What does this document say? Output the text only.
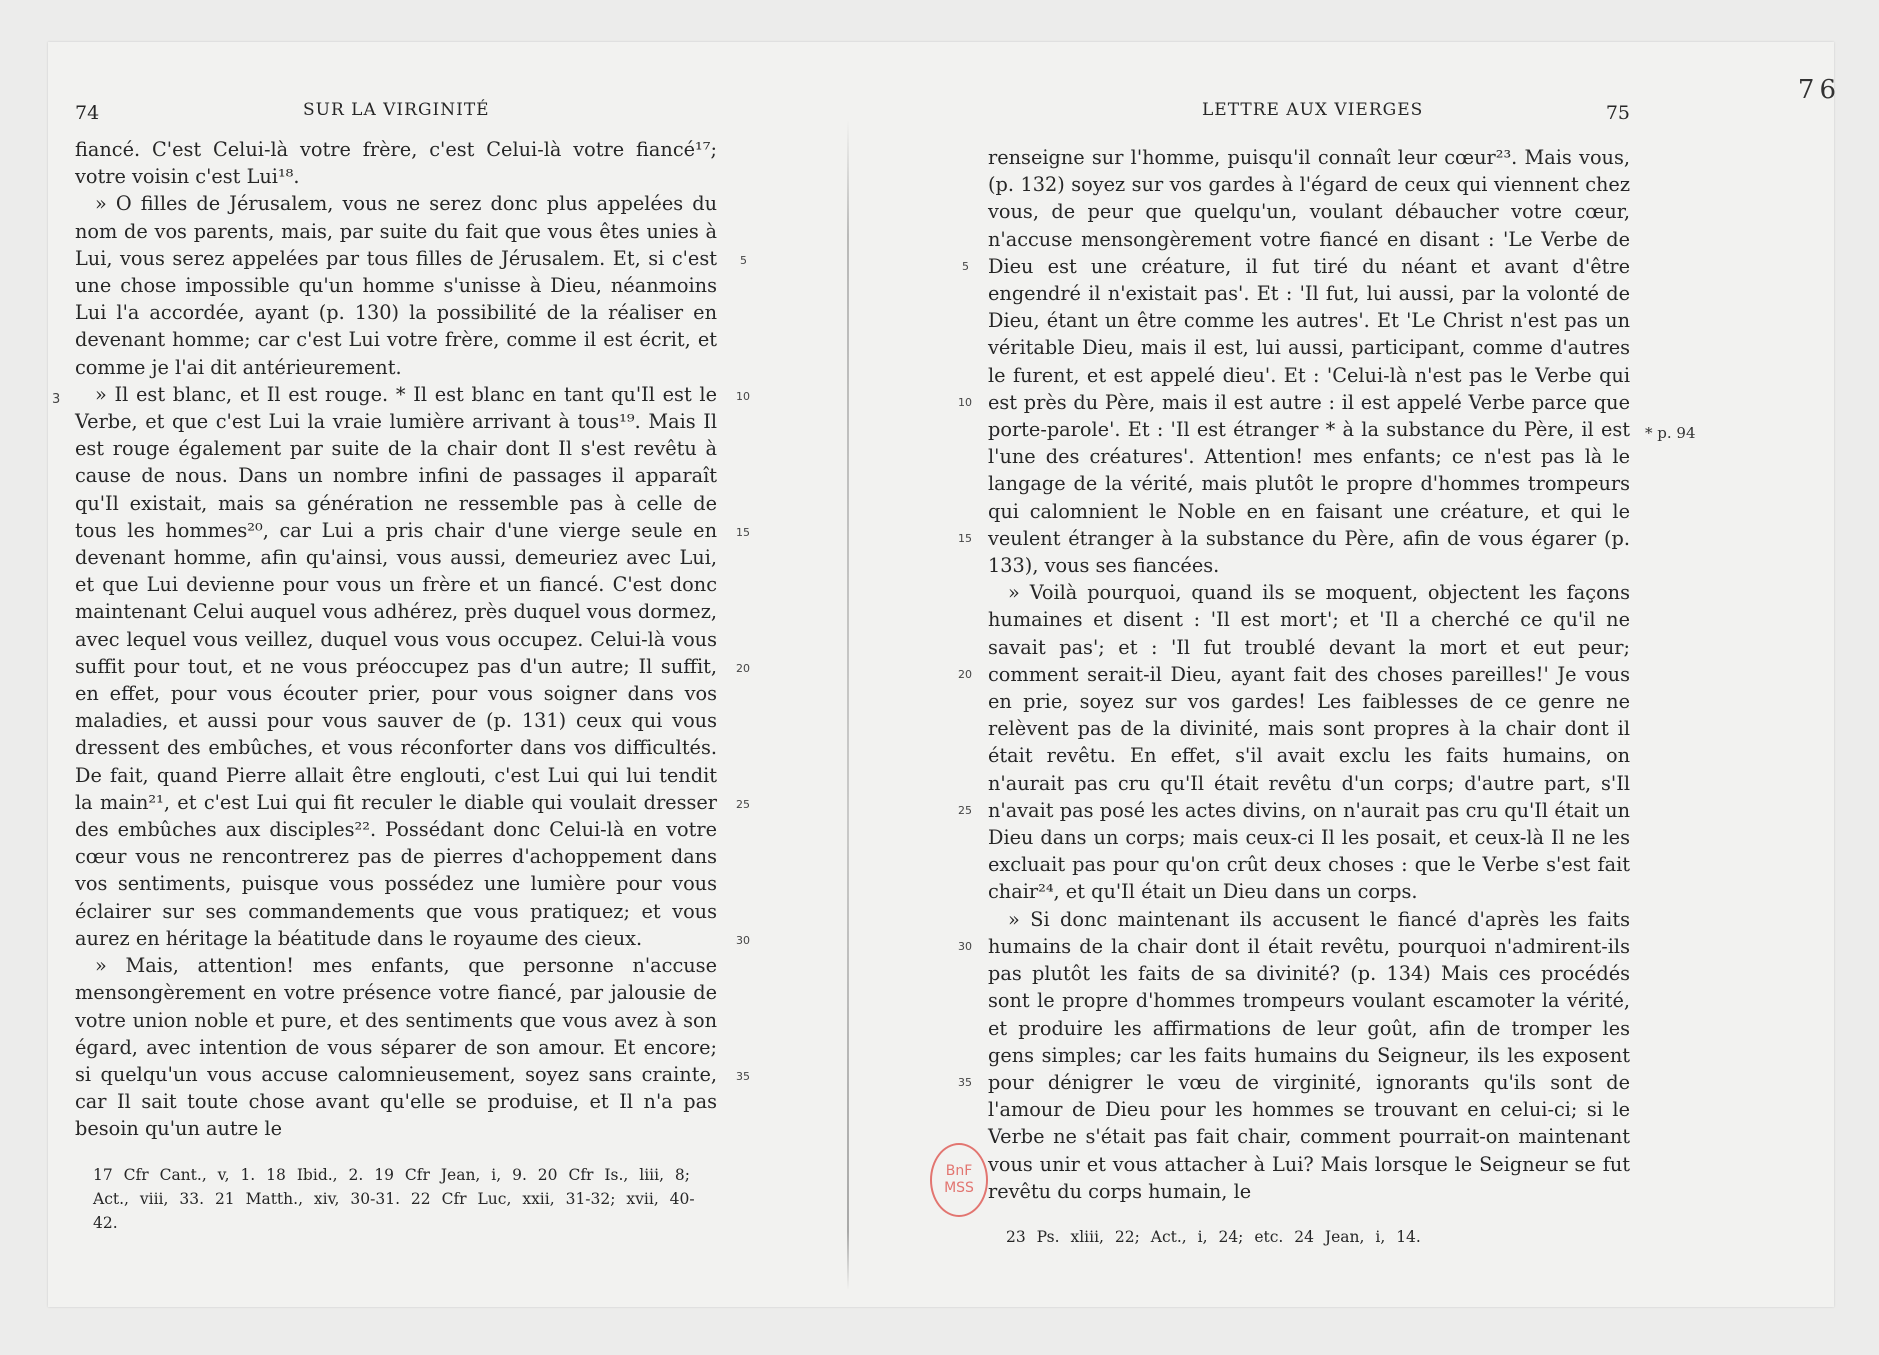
76
74	SUR LA VIRGINITÉ

fiancé. C'est Celui-là votre frère, c'est Celui-là votre fiancé¹⁷; votre voisin c'est Lui¹⁸.

» O filles de Jérusalem, vous ne serez donc plus appelées du nom de vos parents, mais, par suite du fait que vous êtes unies à Lui, vous serez appelées par tous filles de Jérusalem. Et, si c'est une chose impossible qu'un homme s'unisse à Dieu, néanmoins Lui l'a accordée, ayant (p. 130) la possibilité de la réaliser en devenant homme; car c'est Lui votre frère, comme il est écrit, et comme je l'ai dit antérieurement.

» Il est blanc, et Il est rouge. * Il est blanc en tant qu'Il est le Verbe, et que c'est Lui la vraie lumière arrivant à tous¹⁹. Mais Il est rouge également par suite de la chair dont Il s'est revêtu à cause de nous. Dans un nombre infini de passages il apparaît qu'Il existait, mais sa génération ne ressemble pas à celle de tous les hommes²⁰, car Lui a pris chair d'une vierge seule en devenant homme, afin qu'ainsi, vous aussi, demeuriez avec Lui, et que Lui devienne pour vous un frère et un fiancé. C'est donc maintenant Celui auquel vous adhérez, près duquel vous dormez, avec lequel vous veillez, duquel vous vous occupez. Celui-là vous suffit pour tout, et ne vous préoccupez pas d'un autre; Il suffit, en effet, pour vous écouter prier, pour vous soigner dans vos maladies, et aussi pour vous sauver de (p. 131) ceux qui vous dressent des embûches, et vous réconforter dans vos difficultés. De fait, quand Pierre allait être englouti, c'est Lui qui lui tendit la main²¹, et c'est Lui qui fit reculer le diable qui voulait dresser des embûches aux disciples²². Possédant donc Celui-là en votre cœur vous ne rencontrerez pas de pierres d'achoppement dans vos sentiments, puisque vous possédez une lumière pour vous éclairer sur ses commandements que vous pratiquez; et vous aurez en héritage la béatitude dans le royaume des cieux.

» Mais, attention! mes enfants, que personne n'accuse mensongèrement en votre présence votre fiancé, par jalousie de votre union noble et pure, et des sentiments que vous avez à son égard, avec intention de vous séparer de son amour. Et encore; si quelqu'un vous accuse calomnieusement, soyez sans crainte, car Il sait toute chose avant qu'elle se produise, et Il n'a pas besoin qu'un autre le

17 Cfr Cant., v, 1. 18 Ibid., 2. 19 Cfr Jean, i, 9. 20 Cfr Is., liii, 8;

Act., viii, 33. 21 Matth., xiv, 30-31. 22 Cfr Luc, xxii, 31-32; xvii, 40-42.

3
5
10
15
20
25
30
35
LETTRE AUX VIERGES	75

renseigne sur l'homme, puisqu'il connaît leur cœur²³. Mais vous, (p. 132) soyez sur vos gardes à l'égard de ceux qui viennent chez vous, de peur que quelqu'un, voulant débaucher votre cœur, n'accuse mensongèrement votre fiancé en disant : 'Le Verbe de Dieu est une créature, il fut tiré du néant et avant d'être engendré il n'existait pas'. Et : 'Il fut, lui aussi, par la volonté de Dieu, étant un être comme les autres'. Et 'Le Christ n'est pas un véritable Dieu, mais il est, lui aussi, participant, comme d'autres le furent, et est appelé dieu'. Et : 'Celui-là n'est pas le Verbe qui est près du Père, mais il est autre : il est appelé Verbe parce que porte-parole'. Et : 'Il est étranger * à la substance du Père, il est l'une des créatures'. Attention! mes enfants; ce n'est pas là le langage de la vérité, mais plutôt le propre d'hommes trompeurs qui calomnient le Noble en en faisant une créature, et qui le veulent étranger à la substance du Père, afin de vous égarer (p. 133), vous ses fiancées.

» Voilà pourquoi, quand ils se moquent, objectent les façons humaines et disent : 'Il est mort'; et 'Il a cherché ce qu'il ne savait pas'; et : 'Il fut troublé devant la mort et eut peur; comment serait-il Dieu, ayant fait des choses pareilles!' Je vous en prie, soyez sur vos gardes! Les faiblesses de ce genre ne relèvent pas de la divinité, mais sont propres à la chair dont il était revêtu. En effet, s'il avait exclu les faits humains, on n'aurait pas cru qu'Il était revêtu d'un corps; d'autre part, s'Il n'avait pas posé les actes divins, on n'aurait pas cru qu'Il était un Dieu dans un corps; mais ceux-ci Il les posait, et ceux-là Il ne les excluait pas pour qu'on crût deux choses : que le Verbe s'est fait chair²⁴, et qu'Il était un Dieu dans un corps.

» Si donc maintenant ils accusent le fiancé d'après les faits humains de la chair dont il était revêtu, pourquoi n'admirent-ils pas plutôt les faits de sa divinité? (p. 134) Mais ces procédés sont le propre d'hommes trompeurs voulant escamoter la vérité, et produire les affirmations de leur goût, afin de tromper les gens simples; car les faits humains du Seigneur, ils les exposent pour dénigrer le vœu de virginité, ignorants qu'ils sont de l'amour de Dieu pour les hommes se trouvant en celui-ci; si le Verbe ne s'était pas fait chair, comment pourrait-on maintenant vous unir et vous attacher à Lui? Mais lorsque le Seigneur se fut revêtu du corps humain, le

23 Ps. xliii, 22; Act., i, 24; etc. 24 Jean, i, 14.

5
10
15
20
25
30
35
* p. 94
BnF
MSS
